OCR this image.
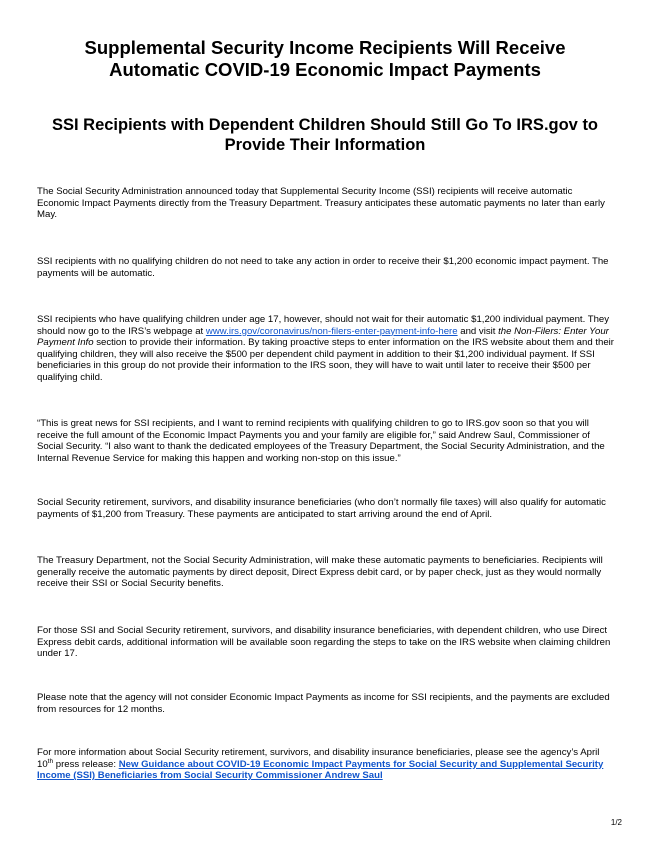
Supplemental Security Income Recipients Will Receive Automatic COVID-19 Economic Impact Payments
SSI Recipients with Dependent Children Should Still Go To IRS.gov to Provide Their Information

The Social Security Administration announced today that Supplemental Security Income (SSI) recipients will receive automatic Economic Impact Payments directly from the Treasury Department. Treasury anticipates these automatic payments no later than early May.

SSI recipients with no qualifying children do not need to take any action in order to receive their $1,200 economic impact payment. The payments will be automatic.

SSI recipients who have qualifying children under age 17, however, should not wait for their automatic $1,200 individual payment. They should now go to the IRS’s webpage at www.irs.gov/coronavirus/non-filers-enter-payment-info-here and visit the Non-Filers: Enter Your Payment Info section to provide their information. By taking proactive steps to enter information on the IRS website about them and their qualifying children, they will also receive the $500 per dependent child payment in addition to their $1,200 individual payment. If SSI beneficiaries in this group do not provide their information to the IRS soon, they will have to wait until later to receive their $500 per qualifying child.

“This is great news for SSI recipients, and I want to remind recipients with qualifying children to go to IRS.gov soon so that you will receive the full amount of the Economic Impact Payments you and your family are eligible for,” said Andrew Saul, Commissioner of Social Security. “I also want to thank the dedicated employees of the Treasury Department, the Social Security Administration, and the Internal Revenue Service for making this happen and working non-stop on this issue.”

Social Security retirement, survivors, and disability insurance beneficiaries (who don’t normally file taxes) will also qualify for automatic payments of $1,200 from Treasury. These payments are anticipated to start arriving around the end of April.

The Treasury Department, not the Social Security Administration, will make these automatic payments to beneficiaries. Recipients will generally receive the automatic payments by direct deposit, Direct Express debit card, or by paper check, just as they would normally receive their SSI or Social Security benefits.

For those SSI and Social Security retirement, survivors, and disability insurance beneficiaries, with dependent children, who use Direct Express debit cards, additional information will be available soon regarding the steps to take on the IRS website when claiming children under 17.

Please note that the agency will not consider Economic Impact Payments as income for SSI recipients, and the payments are excluded from resources for 12 months.

For more information about Social Security retirement, survivors, and disability insurance beneficiaries, please see the agency’s April 10th press release: New Guidance about COVID-19 Economic Impact Payments for Social Security and Supplemental Security Income (SSI) Beneficiaries from Social Security Commissioner Andrew Saul

1/2
